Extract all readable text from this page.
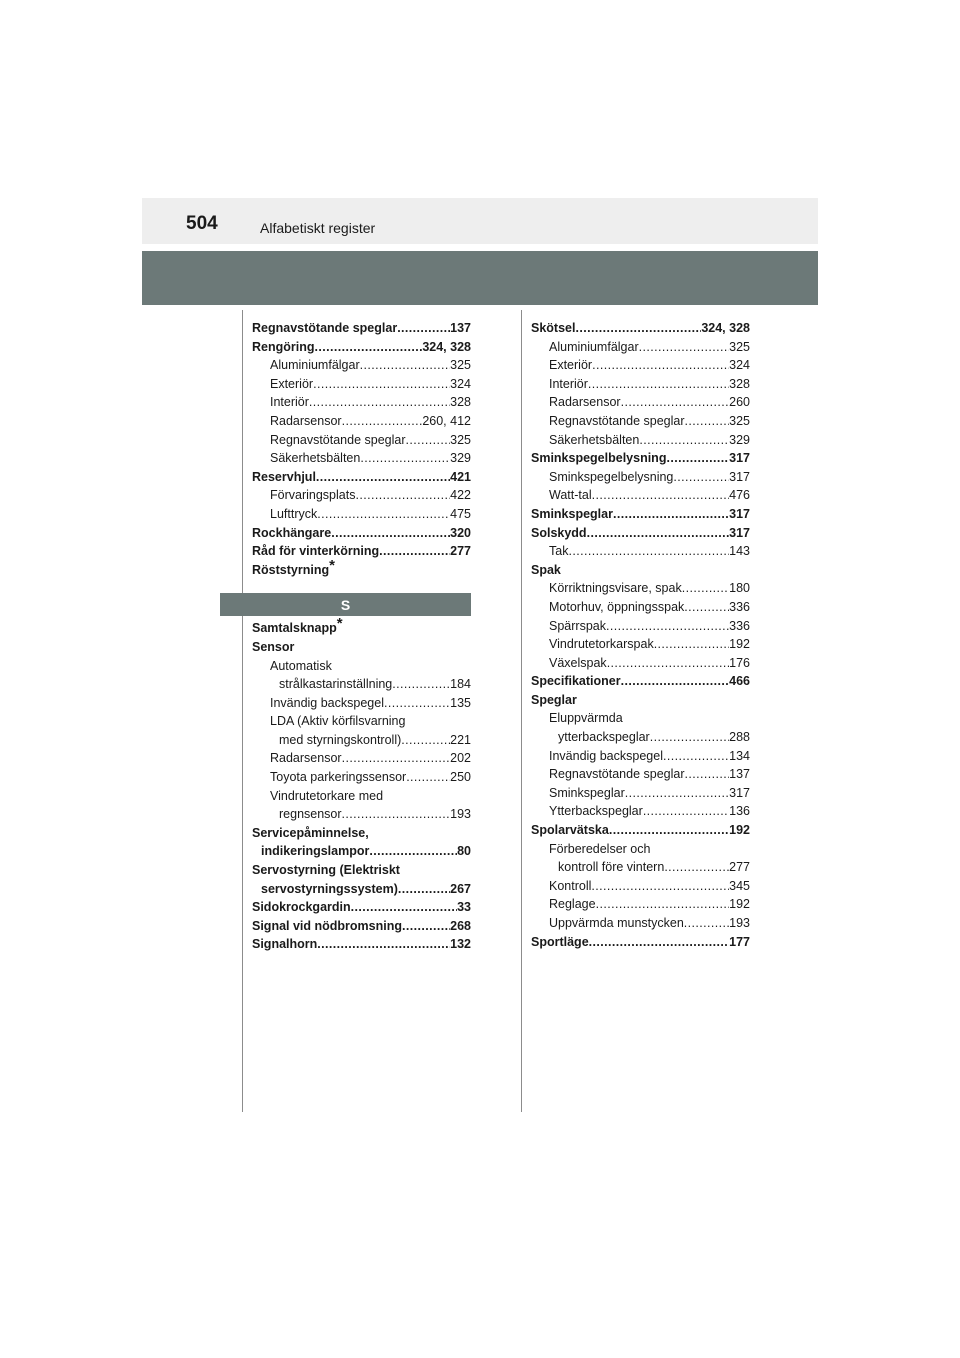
504	Alfabetiskt register
Regnavstötande speglar .....	137
Rengöring .....	324, 328
Aluminiumfälgar .....	325
Exteriör .....	324
Interiör .....	328
Radarsensor .....	260, 412
Regnavstötande speglar .....	325
Säkerhetsbälten .....	329
Reservhjul .....	421
Förvaringsplats .....	422
Lufttryck .....	475
Rockhängare .....	320
Råd för vinterkörning .....	277
Röststyrning*
S
Samtalsknapp*
Sensor
Automatisk
strålkastarinställning .....	184
Invändig backspegel .....	135
LDA (Aktiv körfilsvarning
med styrningskontroll) .....	221
Radarsensor .....	202
Toyota parkeringssensor .....	250
Vindrutetorkare med
regnsensor .....	193
Servicepåminnelse,
indikeringslampor .....	80
Servostyrning (Elektriskt
servostyrningssystem) .....	267
Sidokrockgardin .....	33
Signal vid nödbromsning .....	268
Signalhorn .....	132
Skötsel .....	324, 328
Aluminiumfälgar .....	325
Exteriör .....	324
Interiör .....	328
Radarsensor .....	260
Regnavstötande speglar .....	325
Säkerhetsbälten .....	329
Sminkspegelbelysning .....	317
Sminkspegelbelysning .....	317
Watt-tal .....	476
Sminkspeglar .....	317
Solskydd .....	317
Tak .....	143
Spak
Körriktningsvisare, spak .....	180
Motorhuv, öppningsspak .....	336
Spärrspak .....	336
Vindrutetorkarspak .....	192
Växelspak .....	176
Specifikationer .....	466
Speglar
Eluppvärmda
ytterbackspeglar .....	288
Invändig backspegel .....	134
Regnavstötande speglar .....	137
Sminkspeglar .....	317
Ytterbackspeglar .....	136
Spolarvätska .....	192
Förberedelser och
kontroll före vintern .....	277
Kontroll .....	345
Reglage .....	192
Uppvärmda munstycken .....	193
Sportläge .....	177
